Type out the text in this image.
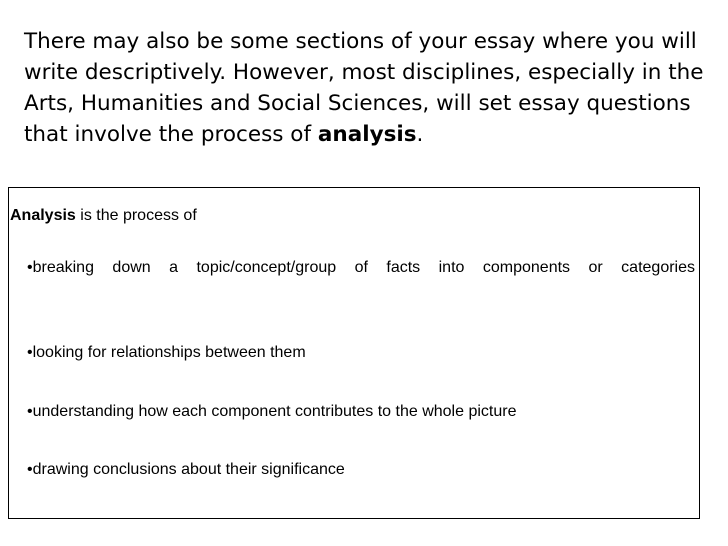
There may also be some sections of your essay where you will write descriptively. However, most disciplines, especially in the Arts, Humanities and Social Sciences, will set essay questions that involve the process of analysis.

Analysis is the process of

•breaking down a topic/concept/group of facts into components or categories

•looking for relationships between them

•understanding how each component contributes to the whole picture

•drawing conclusions about their significance
